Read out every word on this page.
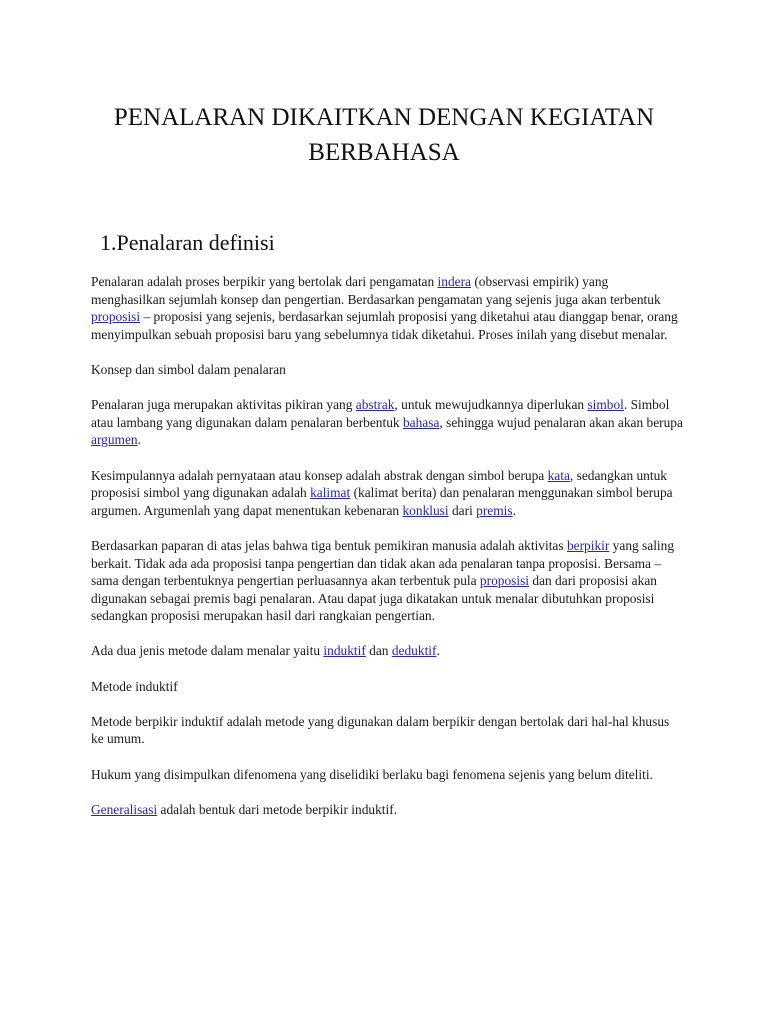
PENALARAN DIKAITKAN DENGAN KEGIATAN BERBAHASA
1.Penalaran definisi

Penalaran adalah proses berpikir yang bertolak dari pengamatan indera (observasi empirik) yang menghasilkan sejumlah konsep dan pengertian. Berdasarkan pengamatan yang sejenis juga akan terbentuk proposisi – proposisi yang sejenis, berdasarkan sejumlah proposisi yang diketahui atau dianggap benar, orang menyimpulkan sebuah proposisi baru yang sebelumnya tidak diketahui. Proses inilah yang disebut menalar.

Konsep dan simbol dalam penalaran

Penalaran juga merupakan aktivitas pikiran yang abstrak, untuk mewujudkannya diperlukan simbol. Simbol atau lambang yang digunakan dalam penalaran berbentuk bahasa, sehingga wujud penalaran akan akan berupa argumen.

Kesimpulannya adalah pernyataan atau konsep adalah abstrak dengan simbol berupa kata, sedangkan untuk proposisi simbol yang digunakan adalah kalimat (kalimat berita) dan penalaran menggunakan simbol berupa argumen. Argumenlah yang dapat menentukan kebenaran konklusi dari premis.

Berdasarkan paparan di atas jelas bahwa tiga bentuk pemikiran manusia adalah aktivitas berpikir yang saling berkait. Tidak ada ada proposisi tanpa pengertian dan tidak akan ada penalaran tanpa proposisi. Bersama – sama dengan terbentuknya pengertian perluasannya akan terbentuk pula proposisi dan dari proposisi akan digunakan sebagai premis bagi penalaran. Atau dapat juga dikatakan untuk menalar dibutuhkan proposisi sedangkan proposisi merupakan hasil dari rangkaian pengertian.

Ada dua jenis metode dalam menalar yaitu induktif dan deduktif.

Metode induktif

Metode berpikir induktif adalah metode yang digunakan dalam berpikir dengan bertolak dari hal-hal khusus ke umum.

Hukum yang disimpulkan difenomena yang diselidiki berlaku bagi fenomena sejenis yang belum diteliti.

Generalisasi adalah bentuk dari metode berpikir induktif.
